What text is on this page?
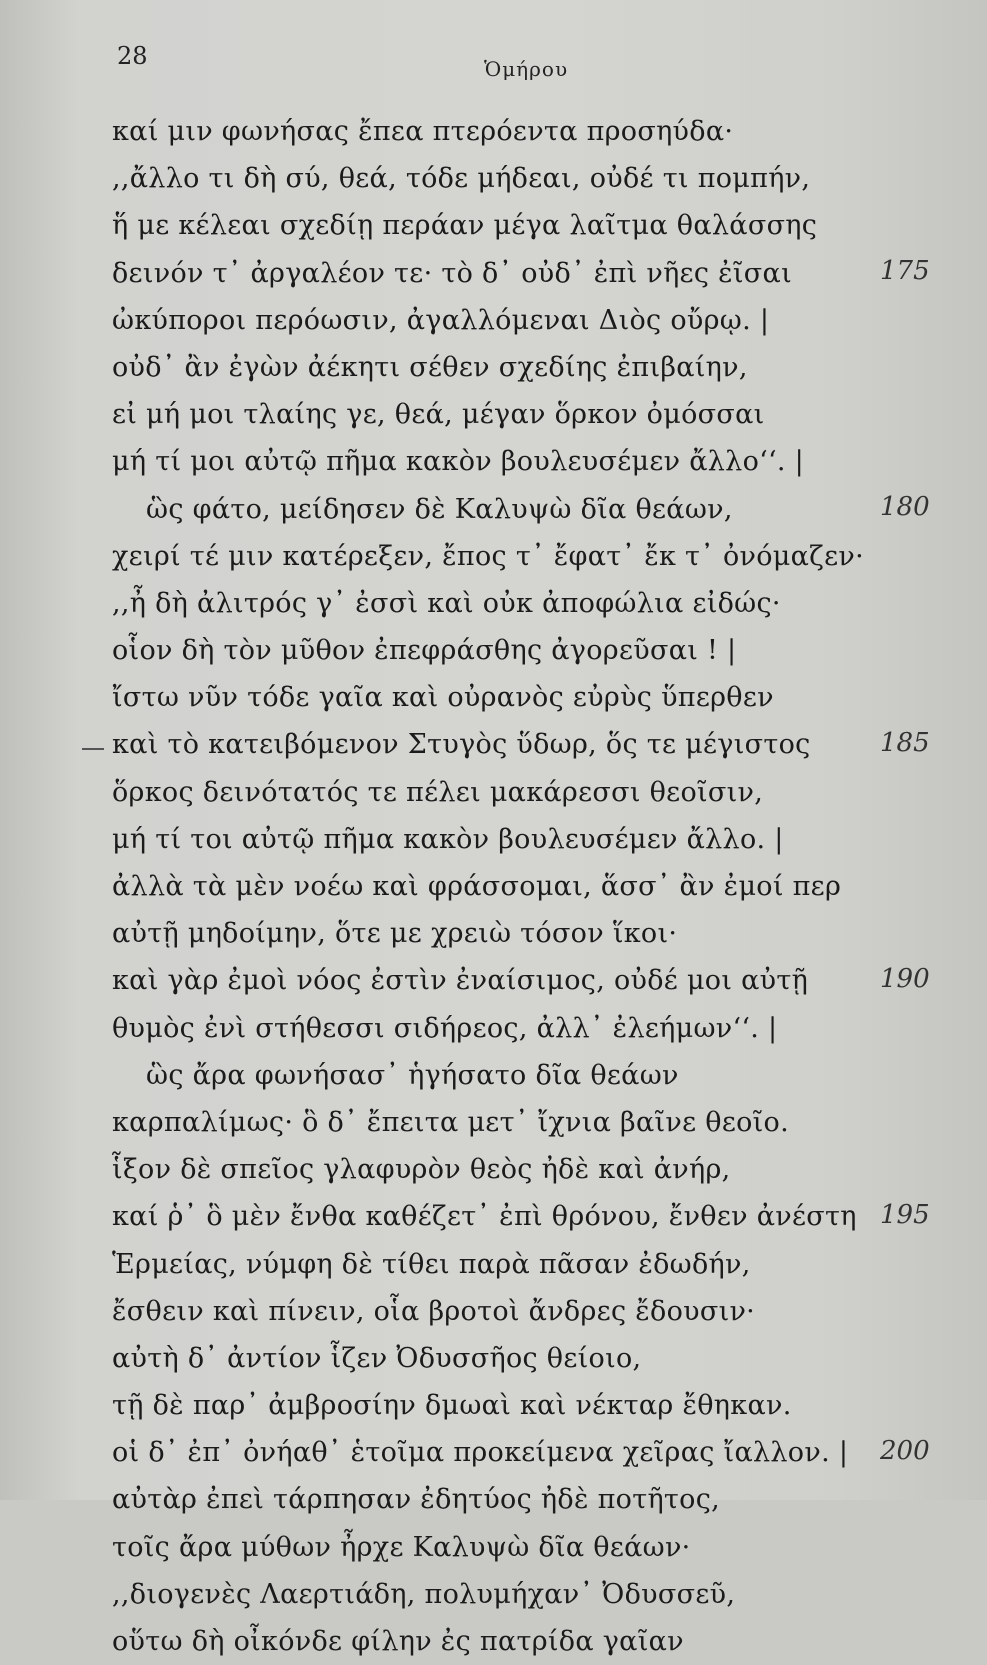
28	Ὁμήρου
καί μιν φωνήσας ἔπεα πτερόεντα προσηύδα·
,,ἄλλο τι δὴ σύ, θεά, τόδε μήδεαι, οὐδέ τι πομπήν,
ἥ με κέλεαι σχεδίῃ περάαν μέγα λαῖτμα θαλάσσης
δεινόν τ᾽ ἀργαλέον τε· τὸ δ᾽ οὐδ᾽ ἐπὶ νῆες ἐῖσαι
ὠκύποροι περόωσιν, ἀγαλλόμεναι Διὸς οὔρῳ. |
οὐδ᾽ ἂν ἐγὼν ἀέκητι σέθεν σχεδίης ἐπιβαίην,
εἰ μή μοι τλαίης γε, θεά, μέγαν ὅρκον ὀμόσσαι
μή τί μοι αὐτῷ πῆμα κακὸν βουλευσέμεν ἄλλο‘‘. |
ὣς φάτο, μείδησεν δὲ Καλυψὼ δῖα θεάων,
χειρί τέ μιν κατέρεξεν, ἔπος τ᾽ ἔφατ᾽ ἔκ τ᾽ ὀνόμαζεν·
,,ἦ δὴ ἀλιτρός γ᾽ ἐσσὶ καὶ οὐκ ἀποφώλια εἰδώς·
οἷον δὴ τὸν μῦθον ἐπεφράσθης ἀγορεῦσαι ! |
ἴστω νῦν τόδε γαῖα καὶ οὐρανὸς εὐρὺς ὕπερθεν
καὶ τὸ κατειβόμενον Στυγὸς ὕδωρ, ὅς τε μέγιστος
ὅρκος δεινότατός τε πέλει μακάρεσσι θεοῖσιν,
μή τί τοι αὐτῷ πῆμα κακὸν βουλευσέμεν ἄλλο. |
ἀλλὰ τὰ μὲν νοέω καὶ φράσσομαι, ἅσσ᾽ ἂν ἐμοί περ
αὐτῇ μηδοίμην, ὅτε με χρειὼ τόσον ἵκοι·
καὶ γὰρ ἐμοὶ νόος ἐστὶν ἐναίσιμος, οὐδέ μοι αὐτῇ
θυμὸς ἐνὶ στήθεσσι σιδήρεος, ἀλλ᾽ ἐλεήμων‘‘. |
ὣς ἄρα φωνήσασ᾽ ἡγήσατο δῖα θεάων
καρπαλίμως· ὃ δ᾽ ἔπειτα μετ᾽ ἴχνια βαῖνε θεοῖο.
ἷξον δὲ σπεῖος γλαφυρὸν θεὸς ἠδὲ καὶ ἀνήρ,
καί ῥ᾽ ὃ μὲν ἔνθα καθέζετ᾽ ἐπὶ θρόνου, ἔνθεν ἀνέστη
Ἑρμείας, νύμφη δὲ τίθει παρὰ πᾶσαν ἐδωδήν,
ἔσθειν καὶ πίνειν, οἷα βροτοὶ ἄνδρες ἔδουσιν·
αὐτὴ δ᾽ ἀντίον ἷζεν Ὀδυσσῆος θείοιο,
τῇ δὲ παρ᾽ ἀμβροσίην δμωαὶ καὶ νέκταρ ἔθηκαν.
οἱ δ᾽ ἐπ᾽ ὀνήαθ᾽ ἑτοῖμα προκείμενα χεῖρας ἴαλλον. |
αὐτὰρ ἐπεὶ τάρπησαν ἐδητύος ἠδὲ ποτῆτος,
τοῖς ἄρα μύθων ἦρχε Καλυψὼ δῖα θεάων·
,,διογενὲς Λαερτιάδη, πολυμήχαν᾽ Ὀδυσσεῦ,
οὕτω δὴ οἶκόνδε φίλην ἐς πατρίδα γαῖαν
175
180
185
190
195
200
